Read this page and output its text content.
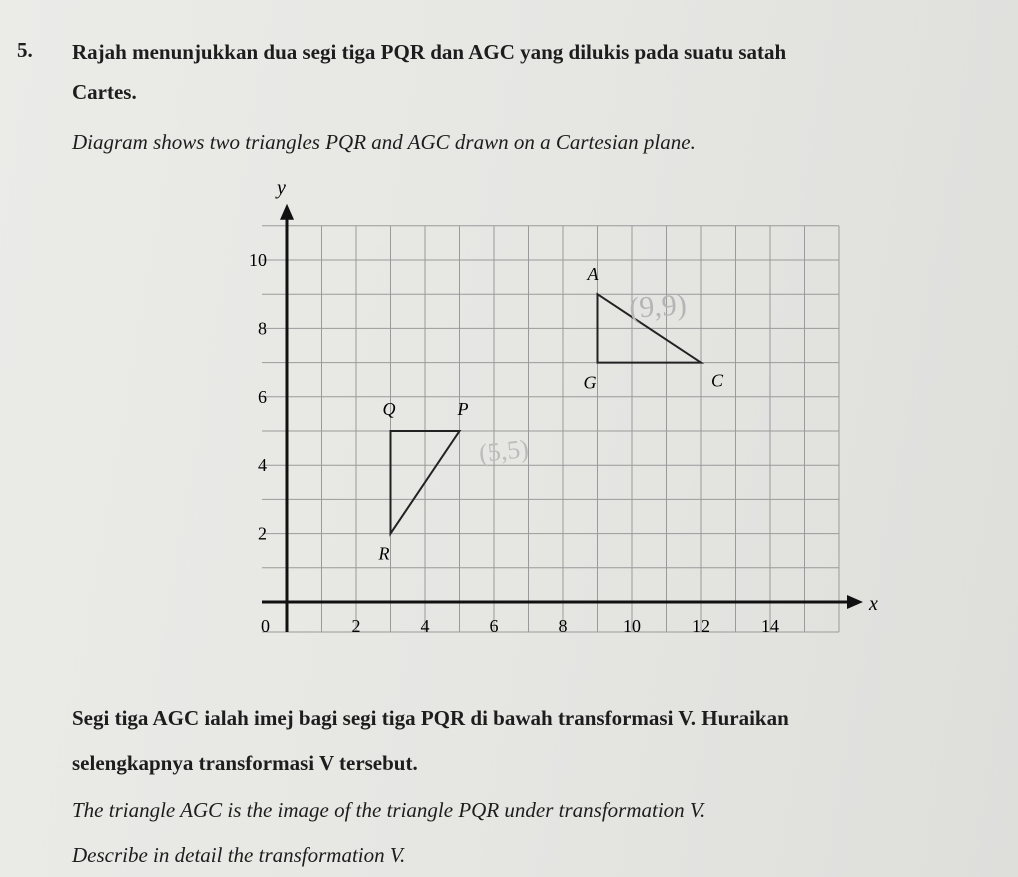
5. Rajah menunjukkan dua segi tiga PQR dan AGC yang dilukis pada suatu satah
Cartes.
Diagram shows two triangles PQR and AGC drawn on a Cartesian plane.
y
x
0	2	4	6	8	10	12	14
2
4
6
8
10
P
Q
R
A
G	C
(9,9)
(5,5)
Segi tiga AGC ialah imej bagi segi tiga PQR di bawah transformasi V. Huraikan
selengkapnya transformasi V tersebut.
The triangle AGC is the image of the triangle PQR under transformation V.
Describe in detail the transformation V.
